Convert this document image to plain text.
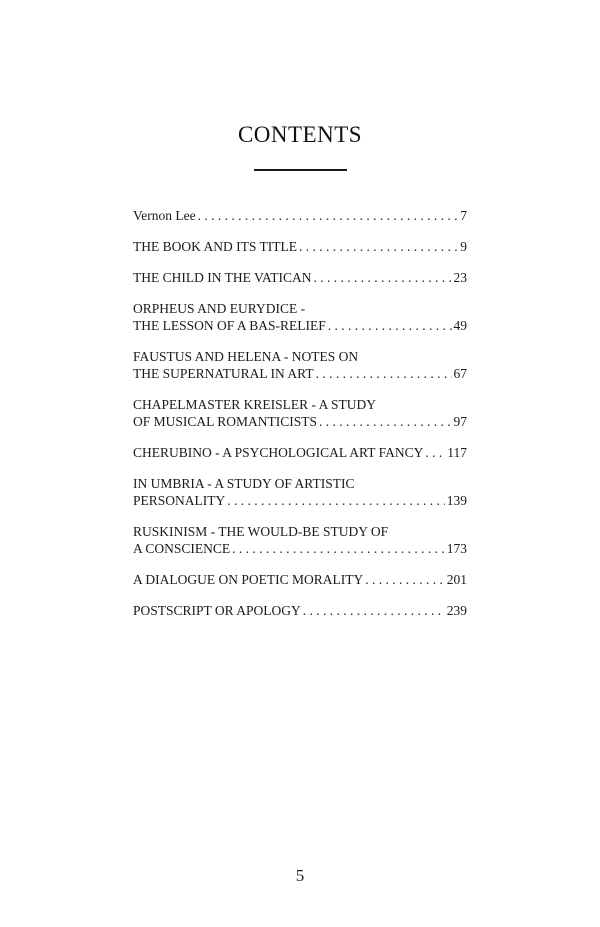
CONTENTS
Vernon Lee . . .	7
THE BOOK AND ITS TITLE . . .	9
THE CHILD IN THE VATICAN . . .	23
ORPHEUS AND EURYDICE -
THE LESSON OF A BAS-RELIEF . . .	49
FAUSTUS AND HELENA - NOTES ON
THE SUPERNATURAL IN ART . . .	67
CHAPELMASTER KREISLER - A STUDY
OF MUSICAL ROMANTICISTS . . .	97
CHERUBINO - A PSYCHOLOGICAL ART FANCY . . . 117
IN UMBRIA - A STUDY OF ARTISTIC
PERSONALITY . . .	139
RUSKINISM - THE WOULD-BE STUDY OF
A CONSCIENCE . . .	173
A DIALOGUE ON POETIC MORALITY . . .	201
POSTSCRIPT OR APOLOGY . . .	239
5
